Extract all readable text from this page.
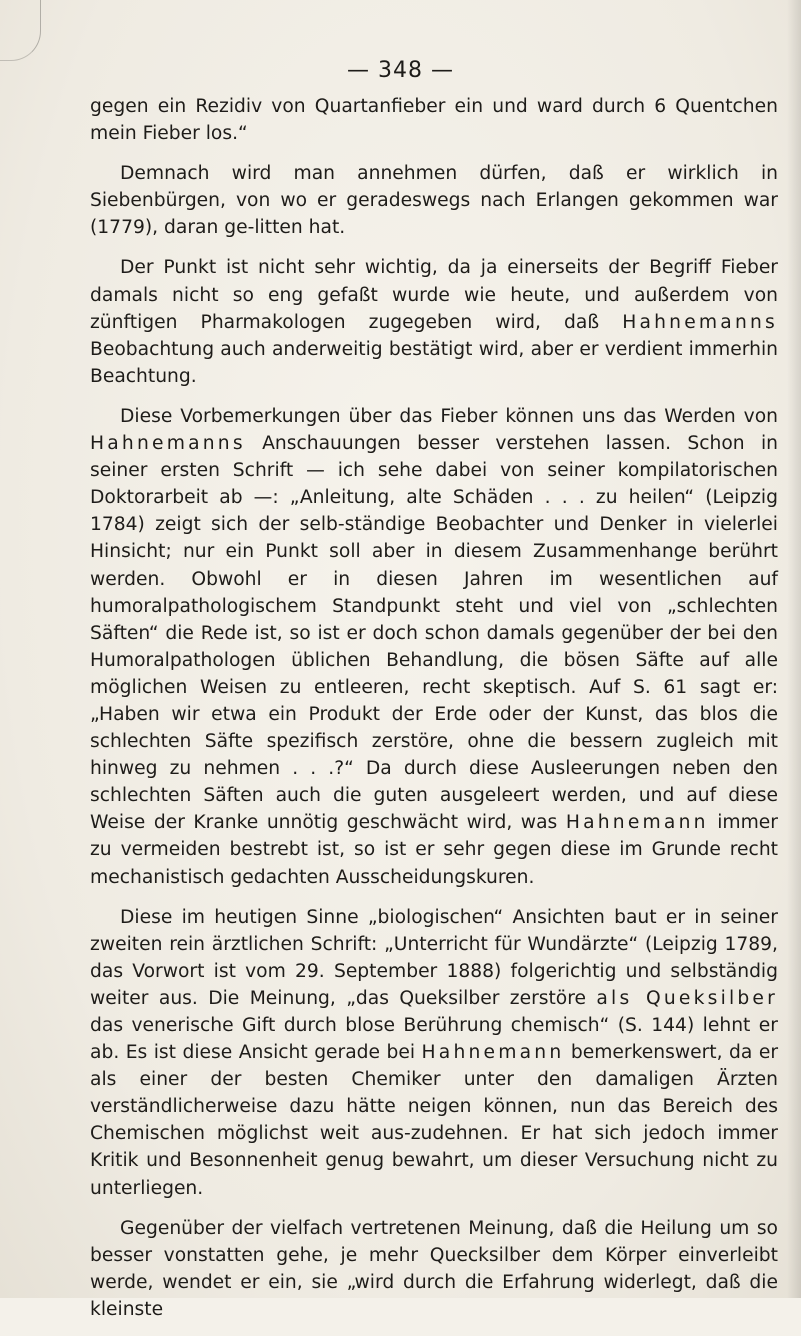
— 348 —

gegen ein Rezidiv von Quartanfieber ein und ward durch 6 Quentchen mein Fieber los.“

Demnach wird man annehmen dürfen, daß er wirklich in Siebenbürgen, von wo er geradeswegs nach Erlangen gekommen war (1779), daran ge-litten hat.

Der Punkt ist nicht sehr wichtig, da ja einerseits der Begriff Fieber damals nicht so eng gefaßt wurde wie heute, und außerdem von zünftigen Pharmakologen zugegeben wird, daß Hahnemanns Beobachtung auch anderweitig bestätigt wird, aber er verdient immerhin Beachtung.

Diese Vorbemerkungen über das Fieber können uns das Werden von Hahnemanns Anschauungen besser verstehen lassen. Schon in seiner ersten Schrift — ich sehe dabei von seiner kompilatorischen Doktorarbeit ab —: „Anleitung, alte Schäden . . . zu heilen“ (Leipzig 1784) zeigt sich der selb-ständige Beobachter und Denker in vielerlei Hinsicht; nur ein Punkt soll aber in diesem Zusammenhange berührt werden. Obwohl er in diesen Jahren im wesentlichen auf humoralpathologischem Standpunkt steht und viel von „schlechten Säften“ die Rede ist, so ist er doch schon damals gegenüber der bei den Humoralpathologen üblichen Behandlung, die bösen Säfte auf alle möglichen Weisen zu entleeren, recht skeptisch. Auf S. 61 sagt er: „Haben wir etwa ein Produkt der Erde oder der Kunst, das blos die schlechten Säfte spezifisch zerstöre, ohne die bessern zugleich mit hinweg zu nehmen . . .?“ Da durch diese Ausleerungen neben den schlechten Säften auch die guten ausgeleert werden, und auf diese Weise der Kranke unnötig geschwächt wird, was Hahnemann immer zu vermeiden bestrebt ist, so ist er sehr gegen diese im Grunde recht mechanistisch gedachten Ausscheidungskuren.

Diese im heutigen Sinne „biologischen“ Ansichten baut er in seiner zweiten rein ärztlichen Schrift: „Unterricht für Wundärzte“ (Leipzig 1789, das Vorwort ist vom 29. September 1888) folgerichtig und selbständig weiter aus. Die Meinung, „das Queksilber zerstöre als Queksilber das venerische Gift durch blose Berührung chemisch“ (S. 144) lehnt er ab. Es ist diese Ansicht gerade bei Hahnemann bemerkenswert, da er als einer der besten Chemiker unter den damaligen Ärzten verständlicherweise dazu hätte neigen können, nun das Bereich des Chemischen möglichst weit aus-zudehnen. Er hat sich jedoch immer Kritik und Besonnenheit genug bewahrt, um dieser Versuchung nicht zu unterliegen.

Gegenüber der vielfach vertretenen Meinung, daß die Heilung um so besser vonstatten gehe, je mehr Quecksilber dem Körper einverleibt werde, wendet er ein, sie „wird durch die Erfahrung widerlegt, daß die kleinste
